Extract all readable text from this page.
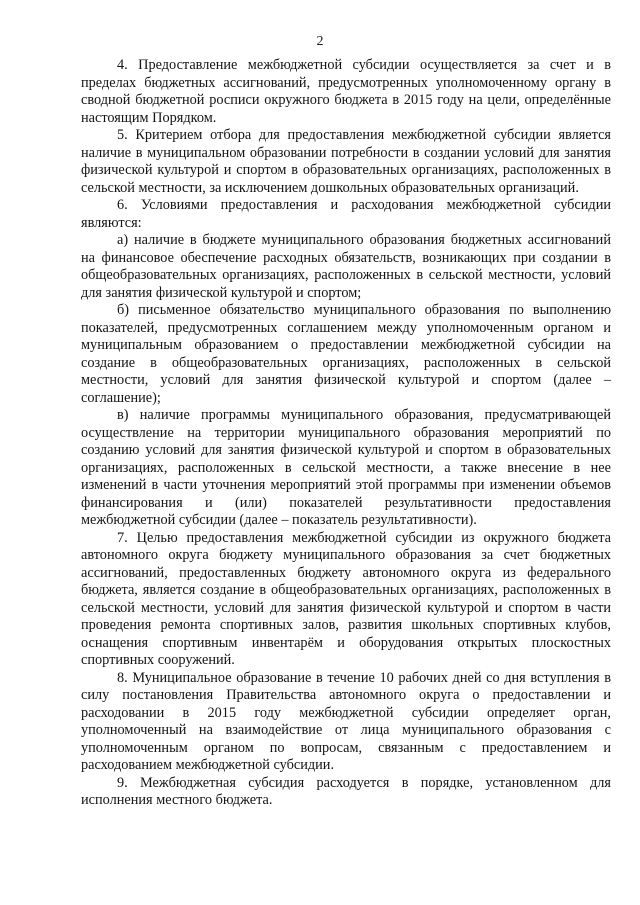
2

4. Предоставление межбюджетной субсидии осуществляется за счет и в пределах бюджетных ассигнований, предусмотренных уполномоченному органу в сводной бюджетной росписи окружного бюджета в 2015 году на цели, определённые настоящим Порядком.

5. Критерием отбора для предоставления межбюджетной субсидии является наличие в муниципальном образовании потребности в создании условий для занятия физической культурой и спортом в образовательных организациях, расположенных в сельской местности, за исключением дошкольных образовательных организаций.

6. Условиями предоставления и расходования межбюджетной субсидии являются:

а) наличие в бюджете муниципального образования бюджетных ассигнований на финансовое обеспечение расходных обязательств, возникающих при создании в общеобразовательных организациях, расположенных в сельской местности, условий для занятия физической культурой и спортом;

б) письменное обязательство муниципального образования по выполнению показателей, предусмотренных соглашением между уполномоченным органом и муниципальным образованием о предоставлении межбюджетной субсидии на создание в общеобразовательных организациях, расположенных в сельской местности, условий для занятия физической культурой и спортом (далее – соглашение);

в) наличие программы муниципального образования, предусматривающей осуществление на территории муниципального образования мероприятий по созданию условий для занятия физической культурой и спортом в образовательных организациях, расположенных в сельской местности, а также внесение в нее изменений в части уточнения мероприятий этой программы при изменении объемов финансирования и (или) показателей результативности предоставления межбюджетной субсидии (далее – показатель результативности).

7. Целью предоставления межбюджетной субсидии из окружного бюджета автономного округа бюджету муниципального образования за счет бюджетных ассигнований, предоставленных бюджету автономного округа из федерального бюджета, является создание в общеобразовательных организациях, расположенных в сельской местности, условий для занятия физической культурой и спортом в части проведения ремонта спортивных залов, развития школьных спортивных клубов, оснащения спортивным инвентарём и оборудования открытых плоскостных спортивных сооружений.

8. Муниципальное образование в течение 10 рабочих дней со дня вступления в силу постановления Правительства автономного округа о предоставлении и расходовании в 2015 году межбюджетной субсидии определяет орган, уполномоченный на взаимодействие от лица муниципального образования с уполномоченным органом по вопросам, связанным с предоставлением и расходованием межбюджетной субсидии.

9. Межбюджетная субсидия расходуется в порядке, установленном для исполнения местного бюджета.
